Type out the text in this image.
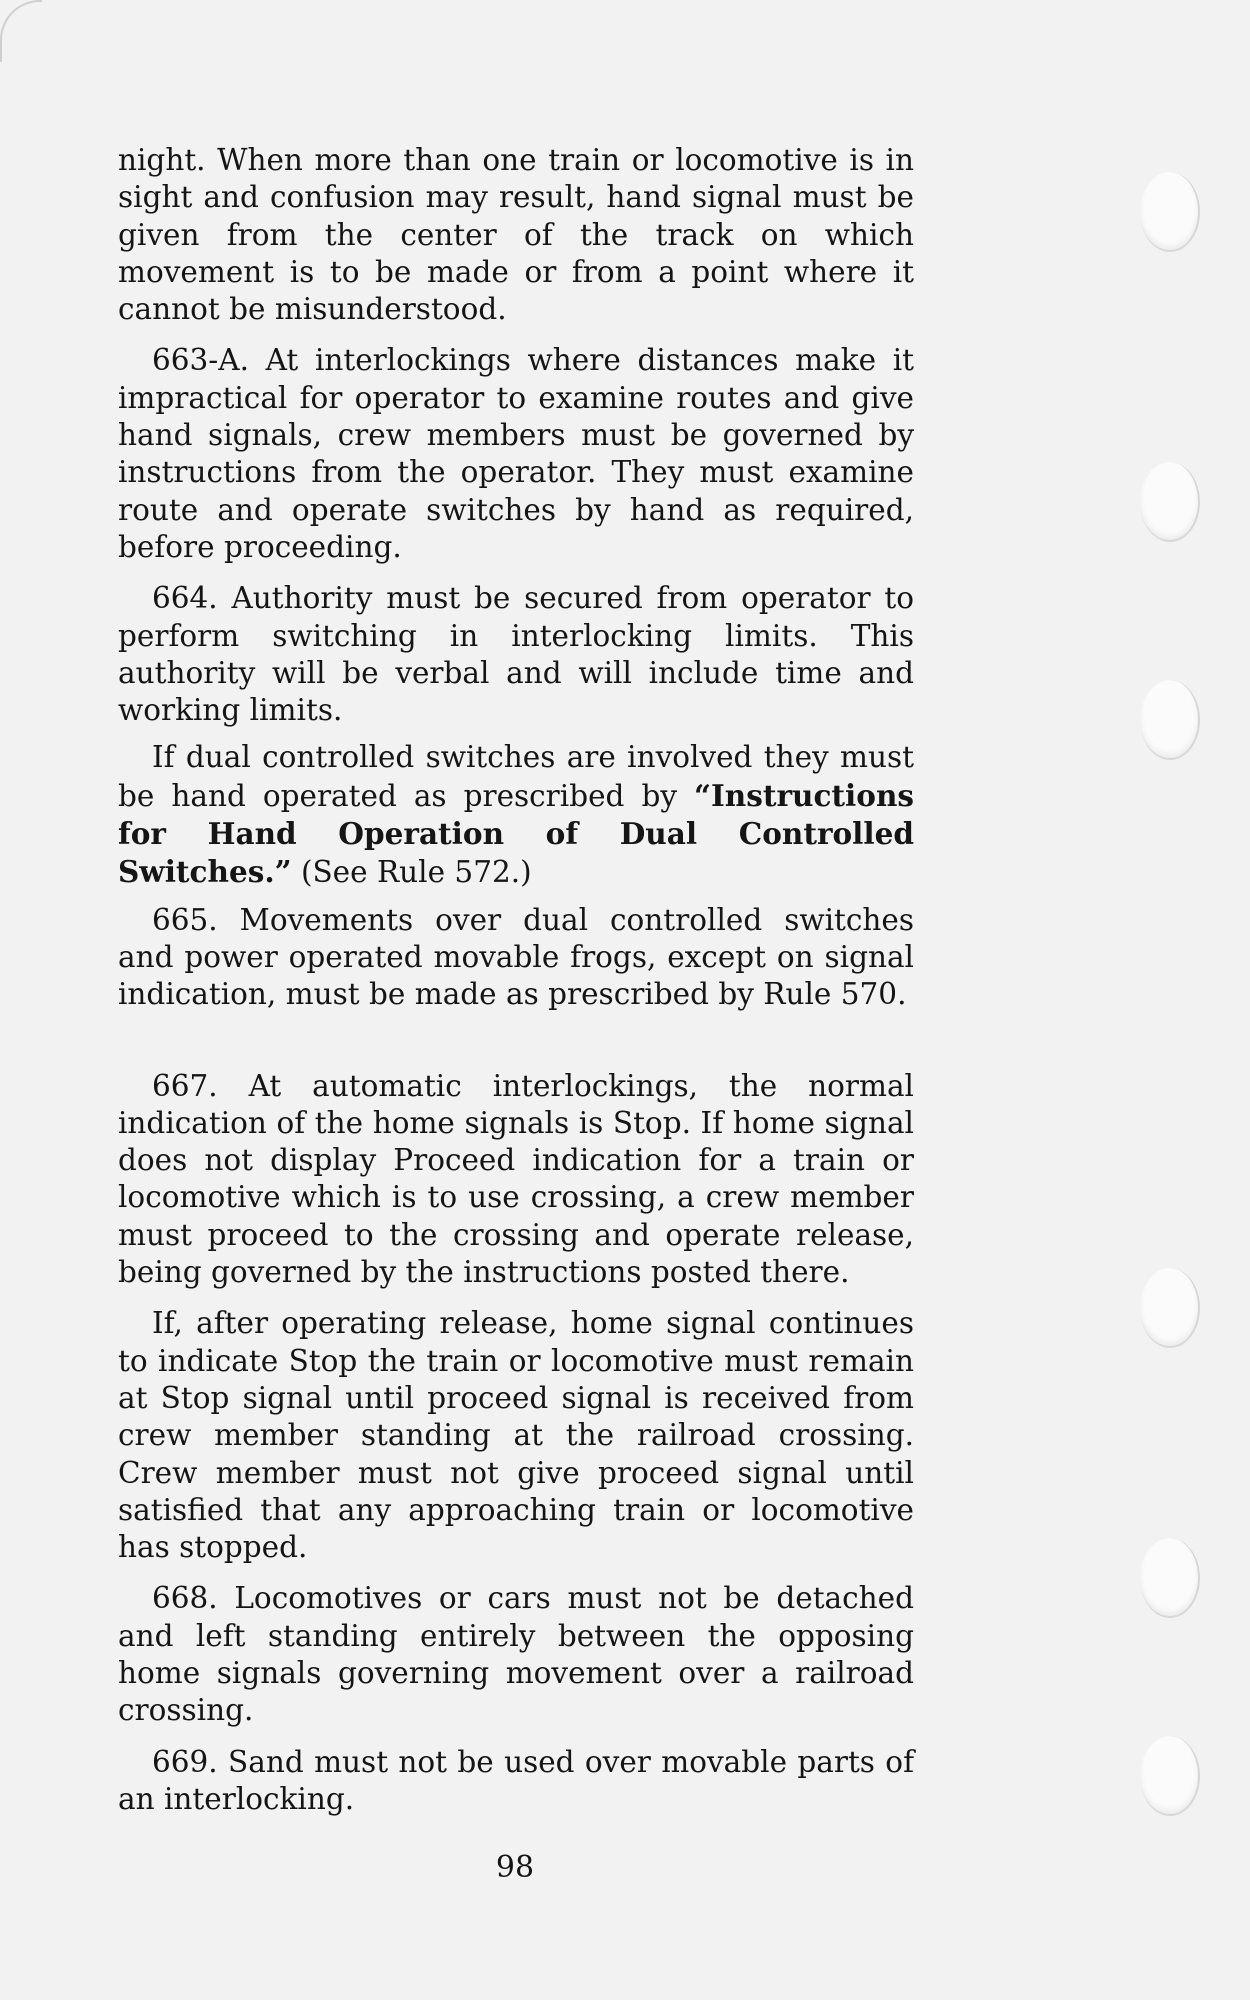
night. When more than one train or locomotive is in sight and confusion may result, hand signal must be given from the center of the track on which movement is to be made or from a point where it cannot be misunderstood.

663-A. At interlockings where distances make it impractical for operator to examine routes and give hand signals, crew members must be governed by instructions from the operator. They must examine route and operate switches by hand as required, before proceeding.

664. Authority must be secured from operator to perform switching in interlocking limits. This authority will be verbal and will include time and working limits.

If dual controlled switches are involved they must be hand operated as prescribed by “Instructions for Hand Operation of Dual Controlled Switches.” (See Rule 572.)

665. Movements over dual controlled switches and power operated movable frogs, except on signal indication, must be made as prescribed by Rule 570.

667. At automatic interlockings, the normal indication of the home signals is Stop. If home signal does not display Proceed indication for a train or locomotive which is to use crossing, a crew member must proceed to the crossing and operate release, being governed by the instructions posted there.

If, after operating release, home signal continues to indicate Stop the train or locomotive must remain at Stop signal until proceed signal is received from crew member standing at the railroad crossing. Crew member must not give proceed signal until satisfied that any approaching train or locomotive has stopped.

668. Locomotives or cars must not be detached and left standing entirely between the opposing home signals governing movement over a railroad crossing.

669. Sand must not be used over movable parts of an interlocking.

98
